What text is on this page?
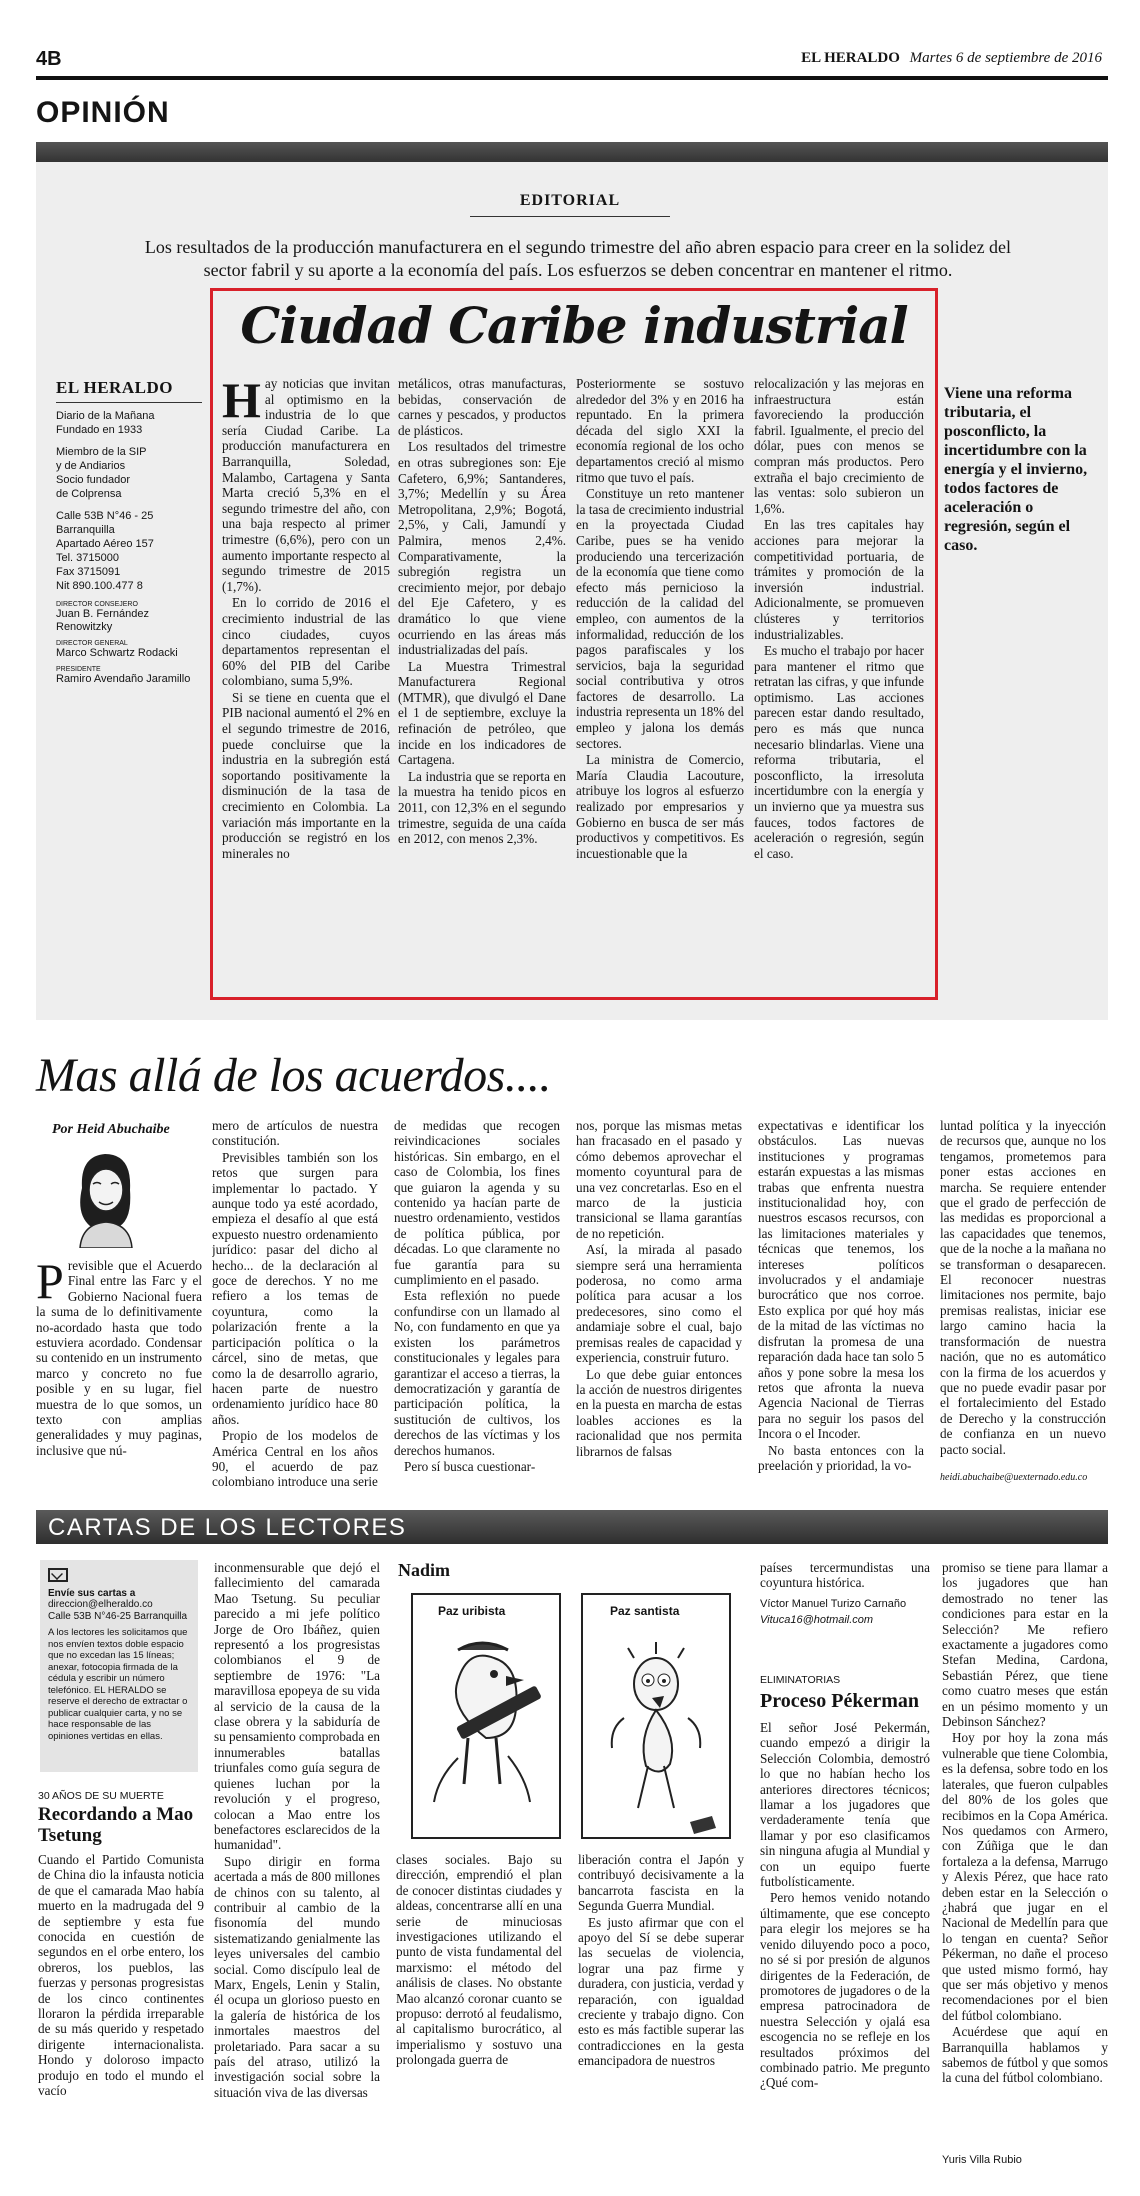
4B	EL HERALDO Martes 6 de septiembre de 2016
OPINIÓN
EDITORIAL
Los resultados de la producción manufacturera en el segundo trimestre del año abren espacio para creer en la solidez del sector fabril y su aporte a la economía del país. Los esfuerzos se deben concentrar en mantener el ritmo.
EL HERALDO
Diario de la Mañana
Fundado en 1933
Miembro de la SIP
y de Andiarios
Socio fundador
de Colprensa
Calle 53B N°46 - 25
Barranquilla
Apartado Aéreo 157
Tel. 3715000
Fax 3715091
Nit 890.100.477 8
DIRECTOR CONSEJERO
Juan B. Fernández Renowitzky
DIRECTOR GENERAL
Marco Schwartz Rodacki
PRESIDENTE
Ramiro Avendaño Jaramillo
Ciudad Caribe industrial
H ay noticias que invitan al optimismo en la industria de lo que sería Ciudad Caribe. La producción manufacturera en Barranquilla, Soledad, Malambo, Cartagena y Santa Marta creció 5,3% en el segundo trimestre del año, con una baja respecto al primer trimestre (6,6%), pero con un aumento importante respecto al segundo trimestre de 2015 (1,7%).

En lo corrido de 2016 el crecimiento industrial de las cinco ciudades, cuyos departamentos representan el 60% del PIB del Caribe colombiano, suma 5,9%.

Si se tiene en cuenta que el PIB nacional aumentó el 2% en el segundo trimestre de 2016, puede concluirse que la industria en la subregión está soportando positivamente la disminución de la tasa de crecimiento en Colombia. La variación más importante en la producción se registró en los minerales no

metálicos, otras manufacturas, bebidas, conservación de carnes y pescados, y productos de plásticos.

Los resultados del trimestre en otras subregiones son: Eje Cafetero, 6,9%; Santanderes, 3,7%; Medellín y su Área Metropolitana, 2,9%; Bogotá, 2,5%, y Cali, Jamundí y Palmira, menos 2,4%. Comparativamente, la subregión registra un crecimiento mejor, por debajo del Eje Cafetero, y es dramático lo que viene ocurriendo en las áreas más industrializadas del país.

La Muestra Trimestral Manufacturera Regional (MTMR), que divulgó el Dane el 1 de septiembre, excluye la refinación de petróleo, que incide en los indicadores de Cartagena.

La industria que se reporta en la muestra ha tenido picos en 2011, con 12,3% en el segundo trimestre, seguida de una caída en 2012, con menos 2,3%.

Posteriormente se sostuvo alrededor del 3% y en 2016 ha repuntado. En la primera década del siglo XXI la economía regional de los ocho departamentos creció al mismo ritmo que tuvo el país.

Constituye un reto mantener la tasa de crecimiento industrial en la proyectada Ciudad Caribe, pues se ha venido produciendo una tercerización de la economía que tiene como efecto más pernicioso la reducción de la calidad del empleo, con aumentos de la informalidad, reducción de los pagos parafiscales y los servicios, baja la seguridad social contributiva y otros factores de desarrollo. La industria representa un 18% del empleo y jalona los demás sectores.

La ministra de Comercio, María Claudia Lacouture, atribuye los logros al esfuerzo realizado por empresarios y Gobierno en busca de ser más productivos y competitivos. Es incuestionable que la

relocalización y las mejoras en infraestructura están favoreciendo la producción fabril. Igualmente, el precio del dólar, pues con menos se compran más productos. Pero extraña el bajo crecimiento de las ventas: solo subieron un 1,6%.

En las tres capitales hay acciones para mejorar la competitividad portuaria, de trámites y promoción de la inversión industrial. Adicionalmente, se promueven clústeres y territorios industrializables.

Es mucho el trabajo por hacer para mantener el ritmo que retratan las cifras, y que infunde optimismo. Las acciones parecen estar dando resultado, pero es más que nunca necesario blindarlas. Viene una reforma tributaria, el posconflicto, la irresoluta incertidumbre con la energía y un invierno que ya muestra sus fauces, todos factores de aceleración o regresión, según el caso.

Viene una reforma tributaria, el posconflicto, la incertidumbre con la energía y el invierno, todos factores de aceleración o regresión, según el caso.
Mas allá de los acuerdos....
Por Heid Abuchaibe
P revisible que el Acuerdo Final entre las Farc y el Gobierno Nacional fuera la suma de lo definitivamente no-acordado hasta que todo estuviera acordado. Condensar su contenido en un instrumento marco y concreto no fue posible y en su lugar, fiel muestra de lo que somos, un texto con amplias generalidades y muy paginas, inclusive que nú-

mero de artículos de nuestra constitución.

Previsibles también son los retos que surgen para implementar lo pactado. Y aunque todo ya esté acordado, empieza el desafío al que está expuesto nuestro ordenamiento jurídico: pasar del dicho al hecho... de la declaración al goce de derechos. Y no me refiero a los temas de coyuntura, como la polarización frente a la participación política o la cárcel, sino de metas, que como la de desarrollo agrario, hacen parte de nuestro ordenamiento jurídico hace 80 años.

Propio de los modelos de América Central en los años 90, el acuerdo de paz colombiano introduce una serie

de medidas que recogen reivindicaciones sociales históricas. Sin embargo, en el caso de Colombia, los fines que guiaron la agenda y su contenido ya hacían parte de nuestro ordenamiento, vestidos de política pública, por décadas. Lo que claramente no fue garantía para su cumplimiento en el pasado.

Esta reflexión no puede confundirse con un llamado al No, con fundamento en que ya existen los parámetros constitucionales y legales para garantizar el acceso a tierras, la democratización y garantía de participación política, la sustitución de cultivos, los derechos de las víctimas y los derechos humanos.

Pero sí busca cuestionar-

nos, porque las mismas metas han fracasado en el pasado y cómo debemos aprovechar el momento coyuntural para de una vez concretarlas. Eso en el marco de la justicia transicional se llama garantías de no repetición.

Así, la mirada al pasado siempre será una herramienta poderosa, no como arma política para acusar a los predecesores, sino como el andamiaje sobre el cual, bajo premisas reales de capacidad y experiencia, construir futuro.

Lo que debe guiar entonces la acción de nuestros dirigentes en la puesta en marcha de estas loables acciones es la racionalidad que nos permita librarnos de falsas

expectativas e identificar los obstáculos. Las nuevas instituciones y programas estarán expuestas a las mismas trabas que enfrenta nuestra institucionalidad hoy, con nuestros escasos recursos, con las limitaciones materiales y técnicas que tenemos, los intereses políticos involucrados y el andamiaje burocrático que nos corroe. Esto explica por qué hoy más de la mitad de las víctimas no disfrutan la promesa de una reparación dada hace tan solo 5 años y pone sobre la mesa los retos que afronta la nueva Agencia Nacional de Tierras para no seguir los pasos del Incora o el Incoder.

No basta entonces con la preelación y prioridad, la vo-

luntad política y la inyección de recursos que, aunque no los tengamos, prometemos para poner estas acciones en marcha. Se requiere entender que el grado de perfección de las medidas es proporcional a las capacidades que tenemos, que de la noche a la mañana no se transforman o desaparecen. El reconocer nuestras limitaciones nos permite, bajo premisas realistas, iniciar ese largo camino hacia la transformación de nuestra nación, que no es automático con la firma de los acuerdos y que no puede evadir pasar por el fortalecimiento del Estado de Derecho y la construcción de confianza en un nuevo pacto social.

heidi.abuchaibe@uexternado.edu.co
CARTAS DE LOS LECTORES
Envíe sus cartas a
direccion@elheraldo.co
Calle 53B N°46-25 Barranquilla
A los lectores les solicitamos que nos envíen textos doble espacio que no excedan las 15 líneas; anexar, fotocopia firmada de la cédula y escribir un número telefónico. EL HERALDO se reserve el derecho de extractar o publicar cualquier carta, y no se hace responsable de las opiniones vertidas en ellas.
30 AÑOS DE SU MUERTE
Recordando a Mao Tsetung

Cuando el Partido Comunista de China dio la infausta noticia de que el camarada Mao había muerto en la madrugada del 9 de septiembre y esta fue conocida en cuestión de segundos en el orbe entero, los obreros, los pueblos, las fuerzas y personas progresistas de los cinco continentes lloraron la pérdida irreparable de su más querido y respetado dirigente internacionalista. Hondo y doloroso impacto produjo en todo el mundo el vacío

inconmensurable que dejó el fallecimiento del camarada Mao Tsetung. Su peculiar parecido a mi jefe político Jorge de Oro Ibáñez, quien representó a los progresistas colombianos el 9 de septiembre de 1976: "La maravillosa epopeya de su vida al servicio de la causa de la clase obrera y la sabiduría de su pensamiento comprobada en innumerables batallas triunfales como guía segura de quienes luchan por la revolución y el progreso, colocan a Mao entre los benefactores esclarecidos de la humanidad".

Supo dirigir en forma acertada a más de 800 millones de chinos con su talento, al contribuir al cambio de la fisonomía del mundo sistematizando genialmente las leyes universales del cambio social. Como discípulo leal de Marx, Engels, Lenin y Stalin, él ocupa un glorioso puesto en la galería de histórica de los inmortales maestros del proletariado. Para sacar a su país del atraso, utilizó la investigación social sobre la situación viva de las diversas

clases sociales. Bajo su dirección, emprendió el plan de conocer distintas ciudades y aldeas, concentrarse allí en una serie de minuciosas investigaciones utilizando el punto de vista fundamental del marxismo: el método del análisis de clases. No obstante Mao alcanzó coronar cuanto se propuso: derrotó al feudalismo, al capitalismo burocrático, al imperialismo y sostuvo una prolongada guerra de

liberación contra el Japón y contribuyó decisivamente a la bancarrota fascista en la Segunda Guerra Mundial.

Es justo afirmar que con el apoyo del Sí se debe superar las secuelas de violencia, lograr una paz firme y duradera, con justicia, verdad y reparación, con igualdad creciente y trabajo digno. Con esto es más factible superar las contradicciones en la gesta emancipadora de nuestros

países tercermundistas una coyuntura histórica.

Víctor Manuel Turizo Carnaño
Vituca16@hotmail.com
Nadim
Paz uribista	Paz santista
ELIMINATORIAS
Proceso Pékerman

El señor José Pekermán, cuando empezó a dirigir la Selección Colombia, demostró lo que no habían hecho los anteriores directores técnicos; llamar a los jugadores que verdaderamente tenía que llamar y por eso clasificamos sin ninguna afugia al Mundial y con un equipo fuerte futbolísticamente.

Pero hemos venido notando últimamente, que ese concepto para elegir los mejores se ha venido diluyendo poco a poco, no sé si por presión de algunos dirigentes de la Federación, de promotores de jugadores o de la empresa patrocinadora de nuestra Selección y ojalá esa escogencia no se refleje en los resultados próximos del combinado patrio. Me pregunto ¿Qué com-

promiso se tiene para llamar a los jugadores que han demostrado no tener las condiciones para estar en la Selección? Me refiero exactamente a jugadores como Stefan Medina, Cardona, Sebastián Pérez, que tiene como cuatro meses que están en un pésimo momento y un Debinson Sánchez?

Hoy por hoy la zona más vulnerable que tiene Colombia, es la defensa, sobre todo en los laterales, que fueron culpables del 80% de los goles que recibimos en la Copa América. Nos quedamos con Armero, con Zúñiga que le dan fortaleza a la defensa, Marrugo y Alexis Pérez, que hace rato deben estar en la Selección o ¿habrá que jugar en el Nacional de Medellín para que lo tengan en cuenta? Señor Pékerman, no dañe el proceso que usted mismo formó, hay que ser más objetivo y menos recomendaciones por el bien del fútbol colombiano.

Acuérdese que aquí en Barranquilla hablamos y sabemos de fútbol y que somos la cuna del fútbol colombiano.

Yuris Villa Rubio
